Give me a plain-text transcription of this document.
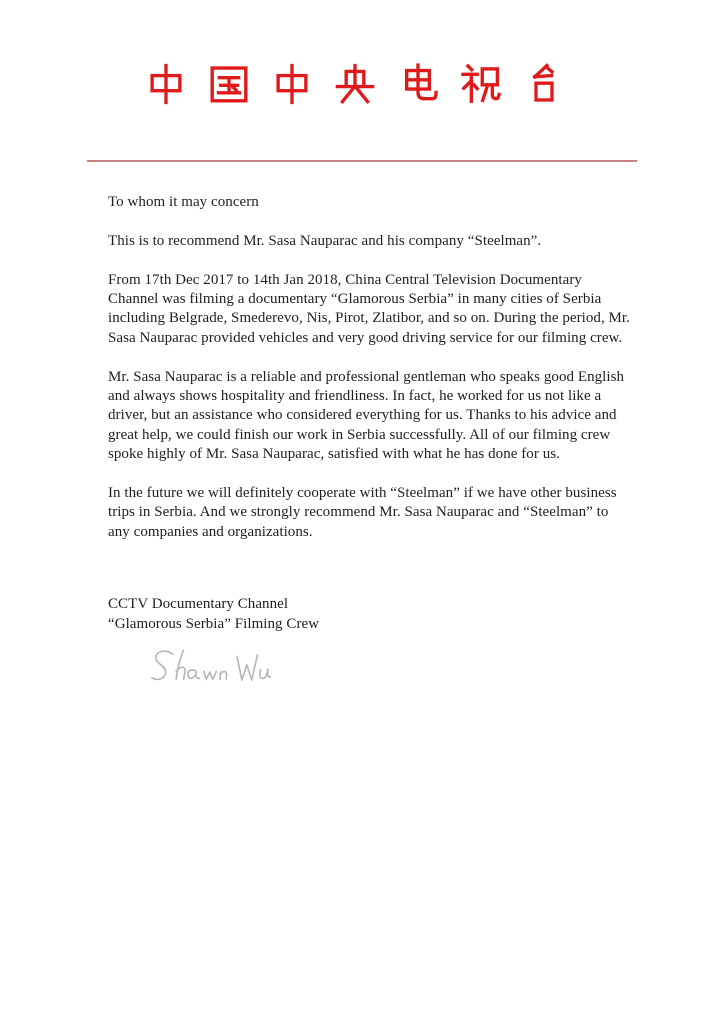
To whom it may concern
This is to recommend Mr. Sasa Nauparac and his company “Steelman”.
From 17th Dec 2017 to 14th Jan 2018, China Central Television Documentary
Channel was filming a documentary “Glamorous Serbia” in many cities of Serbia
including Belgrade, Smederevo, Nis, Pirot, Zlatibor, and so on. During the period, Mr.
Sasa Nauparac provided vehicles and very good driving service for our filming crew.
Mr. Sasa Nauparac is a reliable and professional gentleman who speaks good English
and always shows hospitality and friendliness. In fact, he worked for us not like a
driver, but an assistance who considered everything for us. Thanks to his advice and
great help, we could finish our work in Serbia successfully. All of our filming crew
spoke highly of Mr. Sasa Nauparac, satisfied with what he has done for us.
In the future we will definitely cooperate with “Steelman” if we have other business
trips in Serbia. And we strongly recommend Mr. Sasa Nauparac and “Steelman” to
any companies and organizations.
CCTV Documentary Channel
“Glamorous Serbia” Filming Crew
